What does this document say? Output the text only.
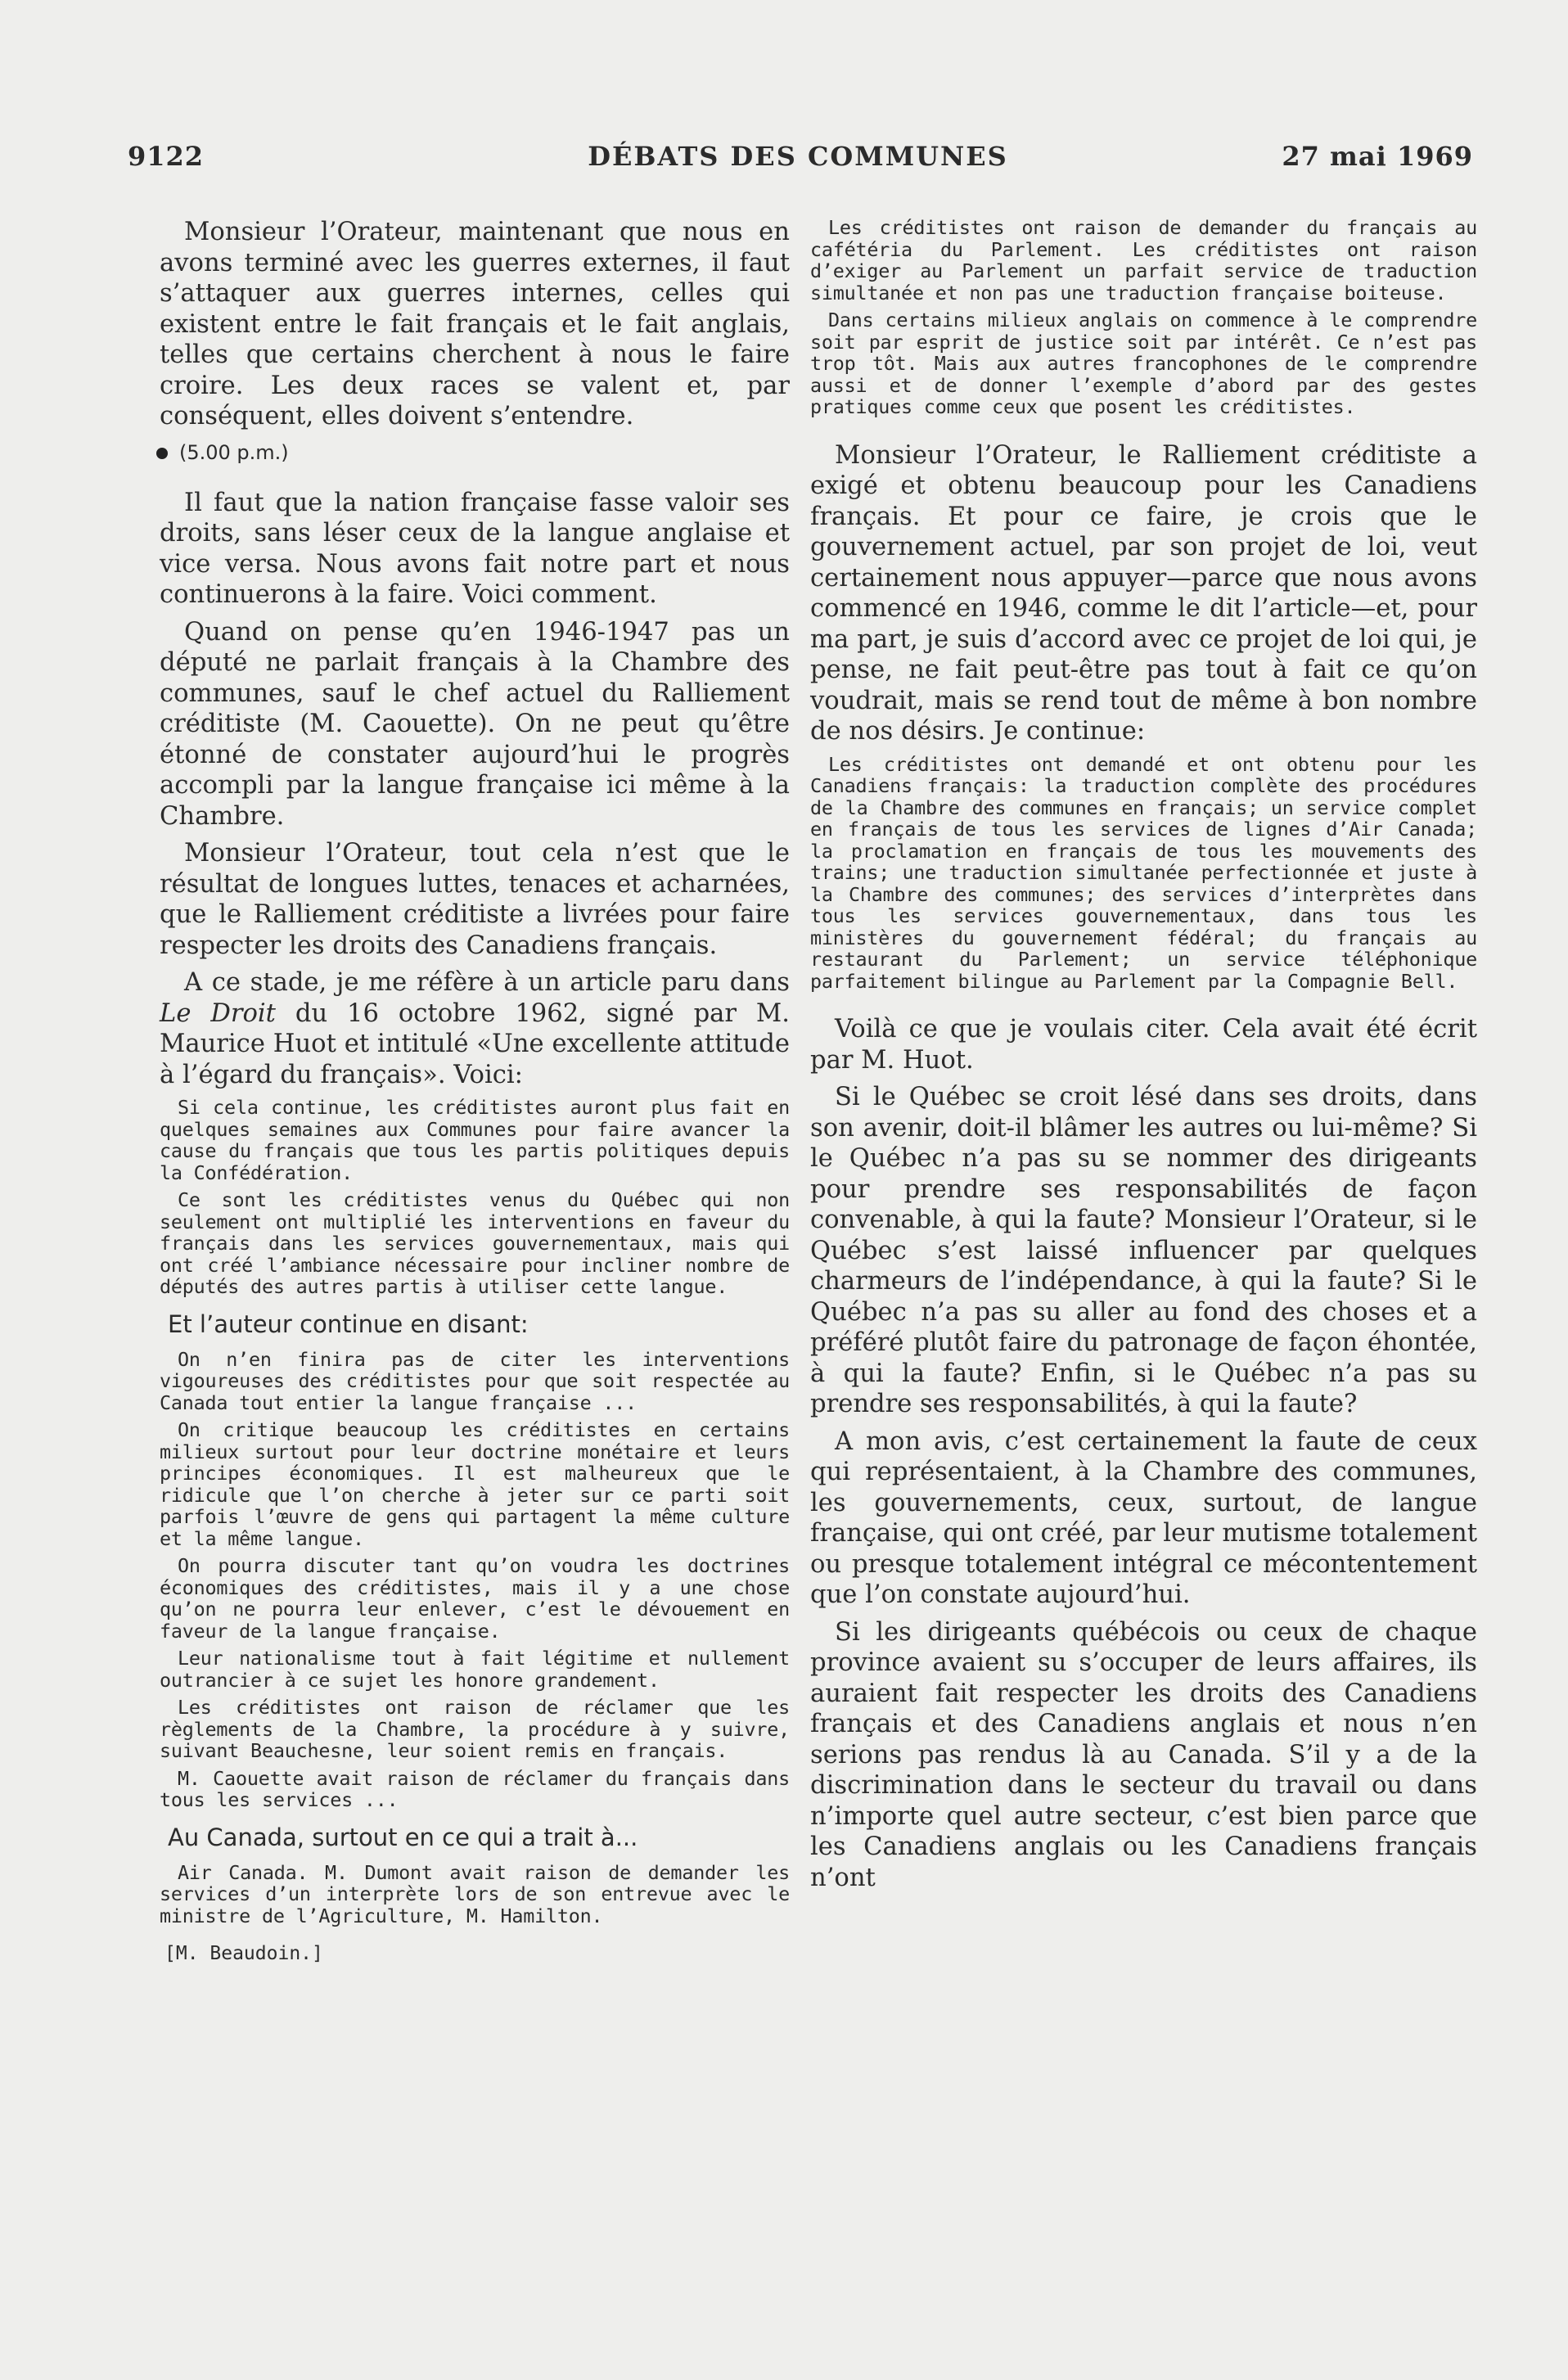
9122	DÉBATS DES COMMUNES	27 mai 1969

Monsieur l’Orateur, maintenant que nous en avons terminé avec les guerres externes, il faut s’attaquer aux guerres internes, celles qui existent entre le fait français et le fait anglais, telles que certains cherchent à nous le faire croire. Les deux races se valent et, par conséquent, elles doivent s’entendre.

(5.00 p.m.)

Il faut que la nation française fasse valoir ses droits, sans léser ceux de la langue anglaise et vice versa. Nous avons fait notre part et nous continuerons à la faire. Voici comment.

Quand on pense qu’en 1946-1947 pas un député ne parlait français à la Chambre des communes, sauf le chef actuel du Ralliement créditiste (M. Caouette). On ne peut qu’être étonné de constater aujourd’hui le progrès accompli par la langue française ici même à la Chambre.

Monsieur l’Orateur, tout cela n’est que le résultat de longues luttes, tenaces et acharnées, que le Ralliement créditiste a livrées pour faire respecter les droits des Canadiens français.

A ce stade, je me réfère à un article paru dans Le Droit du 16 octobre 1962, signé par M. Maurice Huot et intitulé «Une excellente attitude à l’égard du français». Voici:

Si cela continue, les créditistes auront plus fait en quelques semaines aux Communes pour faire avancer la cause du français que tous les partis politiques depuis la Confédération.

Ce sont les créditistes venus du Québec qui non seulement ont multiplié les interventions en faveur du français dans les services gouvernementaux, mais qui ont créé l’ambiance nécessaire pour incliner nombre de députés des autres partis à utiliser cette langue.

Et l’auteur continue en disant:

On n’en finira pas de citer les interventions vigoureuses des créditistes pour que soit respectée au Canada tout entier la langue française ...

On critique beaucoup les créditistes en certains milieux surtout pour leur doctrine monétaire et leurs principes économiques. Il est malheureux que le ridicule que l’on cherche à jeter sur ce parti soit parfois l’œuvre de gens qui partagent la même culture et la même langue.

On pourra discuter tant qu’on voudra les doctrines économiques des créditistes, mais il y a une chose qu’on ne pourra leur enlever, c’est le dévouement en faveur de la langue française.

Leur nationalisme tout à fait légitime et nullement outrancier à ce sujet les honore grandement.

Les créditistes ont raison de réclamer que les règlements de la Chambre, la procédure à y suivre, suivant Beauchesne, leur soient remis en français.

M. Caouette avait raison de réclamer du français dans tous les services ...

Au Canada, surtout en ce qui a trait à...

Air Canada. M. Dumont avait raison de demander les services d’un interprète lors de son entrevue avec le ministre de l’Agriculture, M. Hamilton.

[M. Beaudoin.]

Les créditistes ont raison de demander du français au cafétéria du Parlement. Les créditistes ont raison d’exiger au Parlement un parfait service de traduction simultanée et non pas une traduction française boiteuse.

Dans certains milieux anglais on commence à le comprendre soit par esprit de justice soit par intérêt. Ce n’est pas trop tôt. Mais aux autres francophones de le comprendre aussi et de donner l’exemple d’abord par des gestes pratiques comme ceux que posent les créditistes.

Monsieur l’Orateur, le Ralliement créditiste a exigé et obtenu beaucoup pour les Canadiens français. Et pour ce faire, je crois que le gouvernement actuel, par son projet de loi, veut certainement nous appuyer—parce que nous avons commencé en 1946, comme le dit l’article—et, pour ma part, je suis d’accord avec ce projet de loi qui, je pense, ne fait peut-être pas tout à fait ce qu’on voudrait, mais se rend tout de même à bon nombre de nos désirs. Je continue:

Les créditistes ont demandé et ont obtenu pour les Canadiens français: la traduction complète des procédures de la Chambre des communes en français; un service complet en français de tous les services de lignes d’Air Canada; la proclamation en français de tous les mouvements des trains; une traduction simultanée perfectionnée et juste à la Chambre des communes; des services d’interprètes dans tous les services gouvernementaux, dans tous les ministères du gouvernement fédéral; du français au restaurant du Parlement; un service téléphonique parfaitement bilingue au Parlement par la Compagnie Bell.

Voilà ce que je voulais citer. Cela avait été écrit par M. Huot.

Si le Québec se croit lésé dans ses droits, dans son avenir, doit-il blâmer les autres ou lui-même? Si le Québec n’a pas su se nommer des dirigeants pour prendre ses responsabilités de façon convenable, à qui la faute? Monsieur l’Orateur, si le Québec s’est laissé influencer par quelques charmeurs de l’indépendance, à qui la faute? Si le Québec n’a pas su aller au fond des choses et a préféré plutôt faire du patronage de façon éhontée, à qui la faute? Enfin, si le Québec n’a pas su prendre ses responsabilités, à qui la faute?

A mon avis, c’est certainement la faute de ceux qui représentaient, à la Chambre des communes, les gouvernements, ceux, surtout, de langue française, qui ont créé, par leur mutisme totalement ou presque totalement intégral ce mécontentement que l’on constate aujourd’hui.

Si les dirigeants québécois ou ceux de chaque province avaient su s’occuper de leurs affaires, ils auraient fait respecter les droits des Canadiens français et des Canadiens anglais et nous n’en serions pas rendus là au Canada. S’il y a de la discrimination dans le secteur du travail ou dans n’importe quel autre secteur, c’est bien parce que les Canadiens anglais ou les Canadiens français n’ont
